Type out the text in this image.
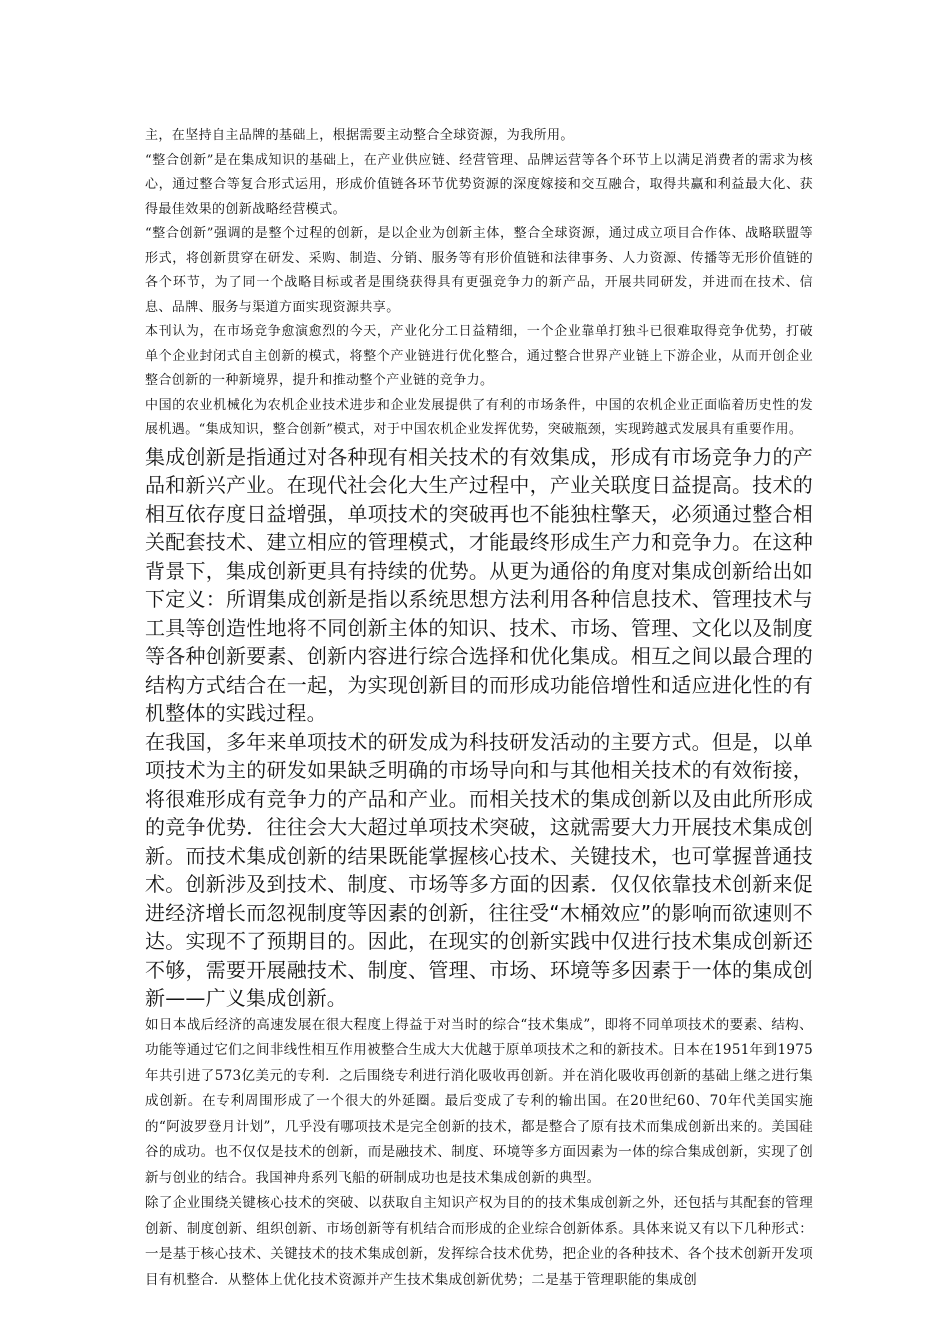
主，在坚持自主品牌的基础上，根据需要主动整合全球资源，为我所用。

“整合创新”是在集成知识的基础上，在产业供应链、经营管理、品牌运营等各个环节上以满足消费者的需求为核心，通过整合等复合形式运用，形成价值链各环节优势资源的深度嫁接和交互融合，取得共赢和利益最大化、获得最佳效果的创新战略经营模式。

“整合创新”强调的是整个过程的创新，是以企业为创新主体，整合全球资源，通过成立项目合作体、战略联盟等形式，将创新贯穿在研发、采购、制造、分销、服务等有形价值链和法律事务、人力资源、传播等无形价值链的各个环节，为了同一个战略目标或者是围绕获得具有更强竞争力的新产品，开展共同研发，并进而在技术、信息、品牌、服务与渠道方面实现资源共享。

本刊认为，在市场竞争愈演愈烈的今天，产业化分工日益精细，一个企业靠单打独斗已很难取得竞争优势，打破单个企业封闭式自主创新的模式，将整个产业链进行优化整合，通过整合世界产业链上下游企业，从而开创企业整合创新的一种新境界，提升和推动整个产业链的竞争力。

中国的农业机械化为农机企业技术进步和企业发展提供了有利的市场条件，中国的农机企业正面临着历史性的发展机遇。“集成知识，整合创新”模式，对于中国农机企业发挥优势，突破瓶颈，实现跨越式发展具有重要作用。

集成创新是指通过对各种现有相关技术的有效集成，形成有市场竞争力的产品和新兴产业。在现代社会化大生产过程中，产业关联度日益提高。技术的相互依存度日益增强，单项技术的突破再也不能独柱擎天，必须通过整合相关配套技术、建立相应的管理模式，才能最终形成生产力和竞争力。在这种背景下，集成创新更具有持续的优势。从更为通俗的角度对集成创新给出如下定义：所谓集成创新是指以系统思想方法利用各种信息技术、管理技术与工具等创造性地将不同创新主体的知识、技术、市场、管理、文化以及制度等各种创新要素、创新内容进行综合选择和优化集成。相互之间以最合理的结构方式结合在一起，为实现创新目的而形成功能倍增性和适应进化性的有机整体的实践过程。

在我国，多年来单项技术的研发成为科技研发活动的主要方式。但是，以单项技术为主的研发如果缺乏明确的市场导向和与其他相关技术的有效衔接，将很难形成有竞争力的产品和产业。而相关技术的集成创新以及由此所形成的竞争优势．往往会大大超过单项技术突破，这就需要大力开展技术集成创新。而技术集成创新的结果既能掌握核心技术、关键技术，也可掌握普通技术。创新涉及到技术、制度、市场等多方面的因素．仅仅依靠技术创新来促进经济增长而忽视制度等因素的创新，往往受“木桶效应”的影响而欲速则不达。实现不了预期目的。因此，在现实的创新实践中仅进行技术集成创新还不够，需要开展融技术、制度、管理、市场、环境等多因素于一体的集成创新——广义集成创新。

如日本战后经济的高速发展在很大程度上得益于对当时的综合“技术集成”，即将不同单项技术的要素、结构、功能等通过它们之间非线性相互作用被整合生成大大优越于原单项技术之和的新技术。日本在1951年到1975年共引进了573亿美元的专利．之后围绕专利进行消化吸收再创新。并在消化吸收再创新的基础上继之进行集成创新。在专利周围形成了一个很大的外延圈。最后变成了专利的输出国。在20世纪60、70年代美国实施的“阿波罗登月计划”，几乎没有哪项技术是完全创新的技术，都是整合了原有技术而集成创新出来的。美国硅谷的成功。也不仅仅是技术的创新，而是融技术、制度、环境等多方面因素为一体的综合集成创新，实现了创新与创业的结合。我国神舟系列飞船的研制成功也是技术集成创新的典型。

除了企业围绕关键核心技术的突破、以获取自主知识产权为目的的技术集成创新之外，还包括与其配套的管理创新、制度创新、组织创新、市场创新等有机结合而形成的企业综合创新体系。具体来说又有以下几种形式：一是基于核心技术、关键技术的技术集成创新，发挥综合技术优势，把企业的各种技术、各个技术创新开发项目有机整合．从整体上优化技术资源并产生技术集成创新优势；二是基于管理职能的集成创
